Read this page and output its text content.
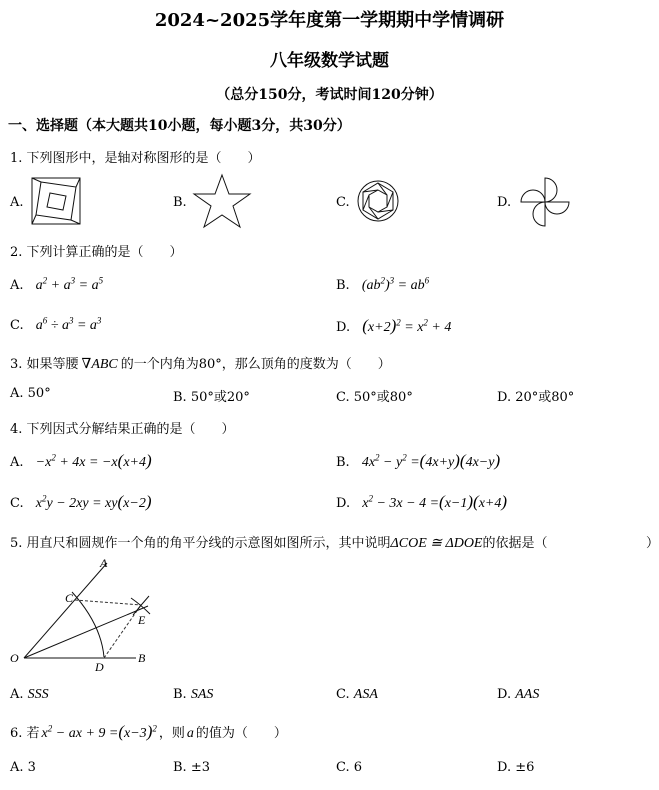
2024~2025学年度第一学期期中学情调研
八年级数学试题
（总分150分，考试时间120分钟）
一、选择题（本大题共10小题，每小题3分，共30分）
1. 下列图形中，是轴对称图形的是（　　）
A.	B.	C.	D.
2. 下列计算正确的是（　　）
A. $a^2 + a^3 = a^5$	B. $(ab^2)^3 = ab^6$
C. $a^6 \div a^3 = a^3$	D. $(x+2)^2 = x^2 + 4$
3. 如果等腰 ∇ABC 的一个内角为80°，那么顶角的度数为（　　）
A. 50°	B. 50°或20°	C. 50°或80°	D. 20°或80°
4. 下列因式分解结果正确的是（　　）
A. $-x^2 + 4x = -x(x+4)$	B. $4x^2 - y^2 =(4x+y)(4x-y)$
C. $x^2y - 2xy = xy(x-2)$	D. $x^2 - 3x - 4 =(x-1)(x+4)$
5. 用直尺和圆规作一个角的角平分线的示意图如图所示，其中说明ΔCOE ≅ ΔDOE的依据是（	）
A
B
C
D
E
O
A. SSS	B. SAS	C. ASA	D. AAS
6. 若 $x^2$ − ax + $9 =(x-3)^2$ ，则 a 的值为（　　）
A. 3	B. ±3	C. 6	D. ±6
